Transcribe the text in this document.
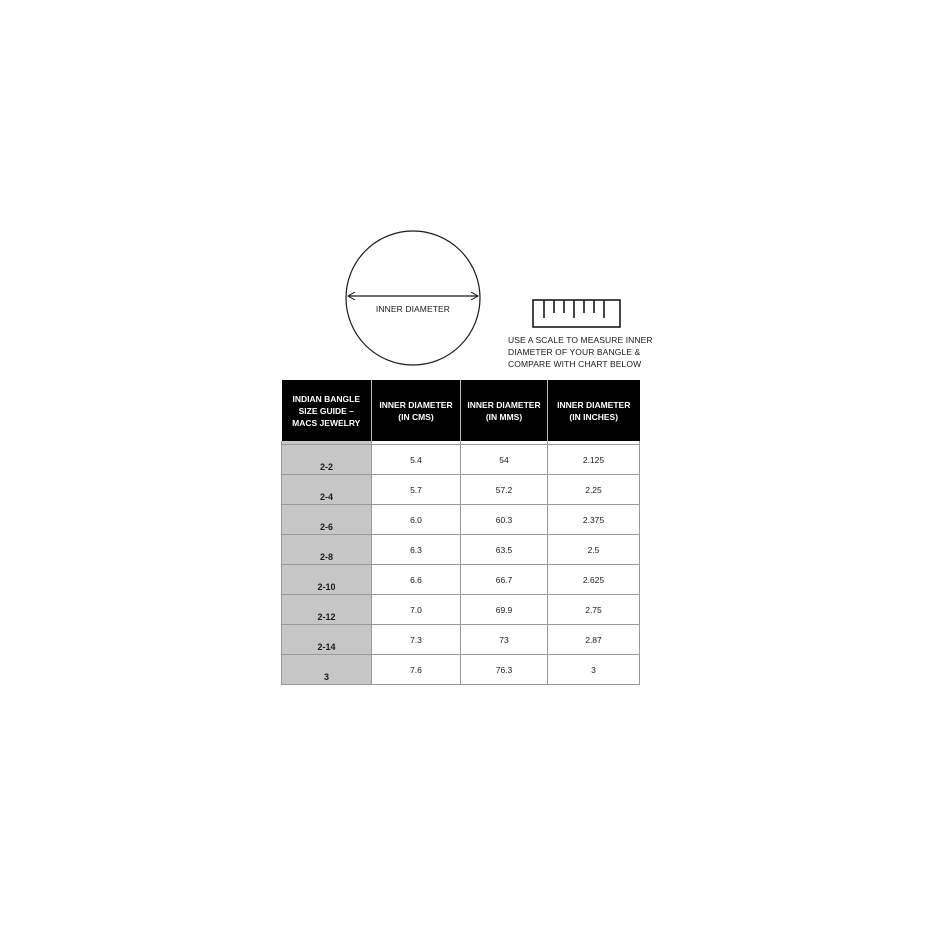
INNER DIAMETER
USE A SCALE TO MEASURE INNER
DIAMETER OF YOUR BANGLE &
COMPARE WITH CHART BELOW
INDIAN BANGLE
SIZE GUIDE –
MACS JEWELRY	INNER DIAMETER
(IN CMS)	INNER DIAMETER
(IN MMS)	INNER DIAMETER
(IN INCHES)

2-2	5.4	54	2.125
2-4	5.7	57.2	2.25
2-6	6.0	60.3	2.375
2-8	6.3	63.5	2.5
2-10	6.6	66.7	2.625
2-12	7.0	69.9	2.75
2-14	7.3	73	2.87
3	7.6	76.3	3
